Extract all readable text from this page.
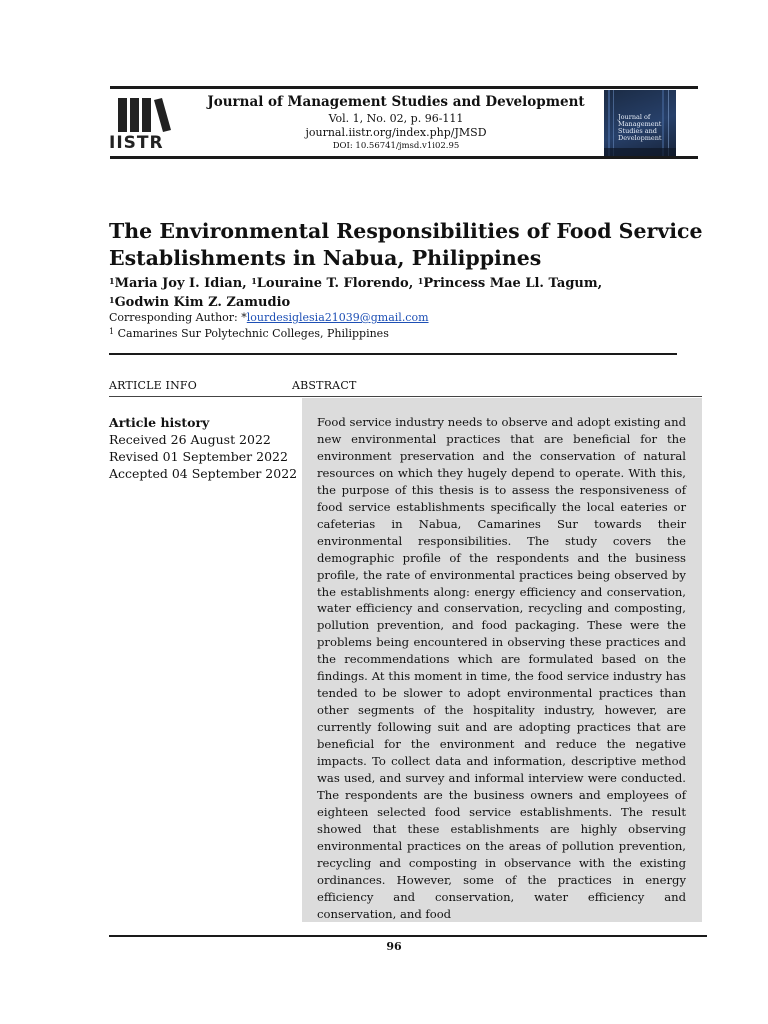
IISTR
Journal of Management Studies and Development
Vol. 1, No. 02, p. 96-111
journal.iistr.org/index.php/JMSD
DOI: 10.56741/jmsd.v1i02.95
Journal of Management Studies and Development
The Environmental Responsibilities of Food Service Establishments in Nabua, Philippines
$^1$Maria Joy I. Idian, $^1$Louraine T. Florendo, $^1$Princess Mae Ll. Tagum,
$^1$Godwin Kim Z. Zamudio
Corresponding Author: *lourdesiglesia21039@gmail.com
$^1$ Camarines Sur Polytechnic Colleges, Philippines
ARTICLE INFO	ABSTRACT
Article history
Received 26 August 2022
Revised 01 September 2022
Accepted 04 September 2022

Food service industry needs to observe and adopt existing and new environmental practices that are beneficial for the environment preservation and the conservation of natural resources on which they hugely depend to operate. With this, the purpose of this thesis is to assess the responsiveness of food service establishments specifically the local eateries or cafeterias in Nabua, Camarines Sur towards their environmental responsibilities. The study covers the demographic profile of the respondents and the business profile, the rate of environmental practices being observed by the establishments along: energy efficiency and conservation, water efficiency and conservation, recycling and composting, pollution prevention, and food packaging. These were the problems being encountered in observing these practices and the recommendations which are formulated based on the findings. At this moment in time, the food service industry has tended to be slower to adopt environmental practices than other segments of the hospitality industry, however, are currently following suit and are adopting practices that are beneficial for the environment and reduce the negative impacts. To collect data and information, descriptive method was used, and survey and informal interview were conducted. The respondents are the business owners and employees of eighteen selected food service establishments. The result showed that these establishments are highly observing environmental practices on the areas of pollution prevention, recycling and composting in observance with the existing ordinances. However, some of the practices in energy efficiency and conservation, water efficiency and conservation, and food

96
